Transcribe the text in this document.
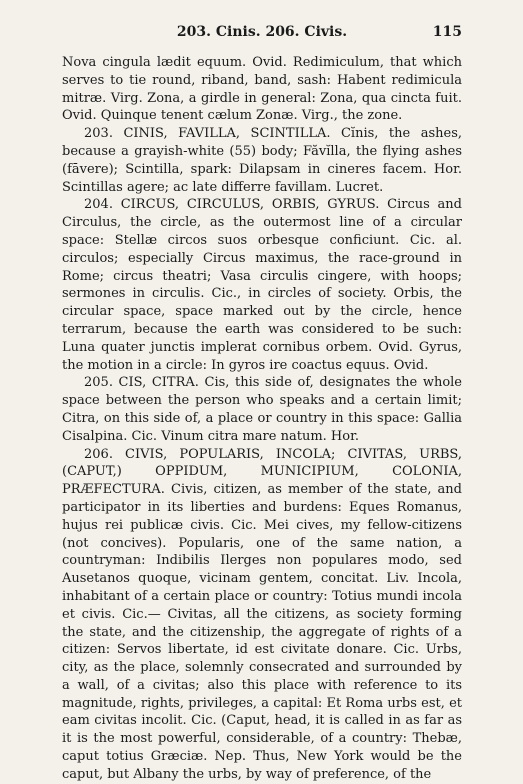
203. Cinis. 206. Civis.	115

Nova cingula lædit equum. Ovid. Redimiculum, that which serves to tie round, riband, band, sash: Habent redimicula mitræ. Virg. Zona, a girdle in general: Zona, qua cincta fuit. Ovid. Quinque tenent cælum Zonæ. Virg., the zone.

203. CINIS, FAVILLA, SCINTILLA. Cĭnis, the ashes, because a grayish-white (55) body; Făvĭlla, the flying ashes (fāvere); Scintilla, spark: Dilapsam in cineres facem. Hor. Scintillas agere; ac late differre favillam. Lucret.

204. CIRCUS, CIRCULUS, ORBIS, GYRUS. Circus and Circulus, the circle, as the outermost line of a circular space: Stellæ circos suos orbesque conficiunt. Cic. al. circulos; especially Circus maximus, the race-ground in Rome; circus theatri; Vasa circulis cingere, with hoops; sermones in circulis. Cic., in circles of society. Orbis, the circular space, space marked out by the circle, hence terrarum, because the earth was considered to be such: Luna quater junctis implerat cornibus orbem. Ovid. Gyrus, the motion in a circle: In gyros ire coactus equus. Ovid.

205. CIS, CITRA. Cis, this side of, designates the whole space between the person who speaks and a certain limit; Citra, on this side of, a place or country in this space: Gallia Cisalpina. Cic. Vinum citra mare natum. Hor.

206. CIVIS, POPULARIS, INCOLA; CIVITAS, URBS, (CAPUT,) OPPIDUM, MUNICIPIUM, COLONIA, PRÆFECTURA. Civis, citizen, as member of the state, and participator in its liberties and burdens: Eques Romanus, hujus rei publicæ civis. Cic. Mei cives, my fellow-citizens (not concives). Popularis, one of the same nation, a countryman: Indibilis Ilerges non populares modo, sed Ausetanos quoque, vicinam gentem, concitat. Liv. Incola, inhabitant of a certain place or country: Totius mundi incola et civis. Cic.— Civitas, all the citizens, as society forming the state, and the citizenship, the aggregate of rights of a citizen: Servos libertate, id est civitate donare. Cic. Urbs, city, as the place, solemnly consecrated and surrounded by a wall, of a civitas; also this place with reference to its magnitude, rights, privileges, a capital: Et Roma urbs est, et eam civitas incolit. Cic. (Caput, head, it is called in as far as it is the most powerful, considerable, of a country: Thebæ, caput totius Græciæ. Nep. Thus, New York would be the caput, but Albany the urbs, by way of preference, of the
